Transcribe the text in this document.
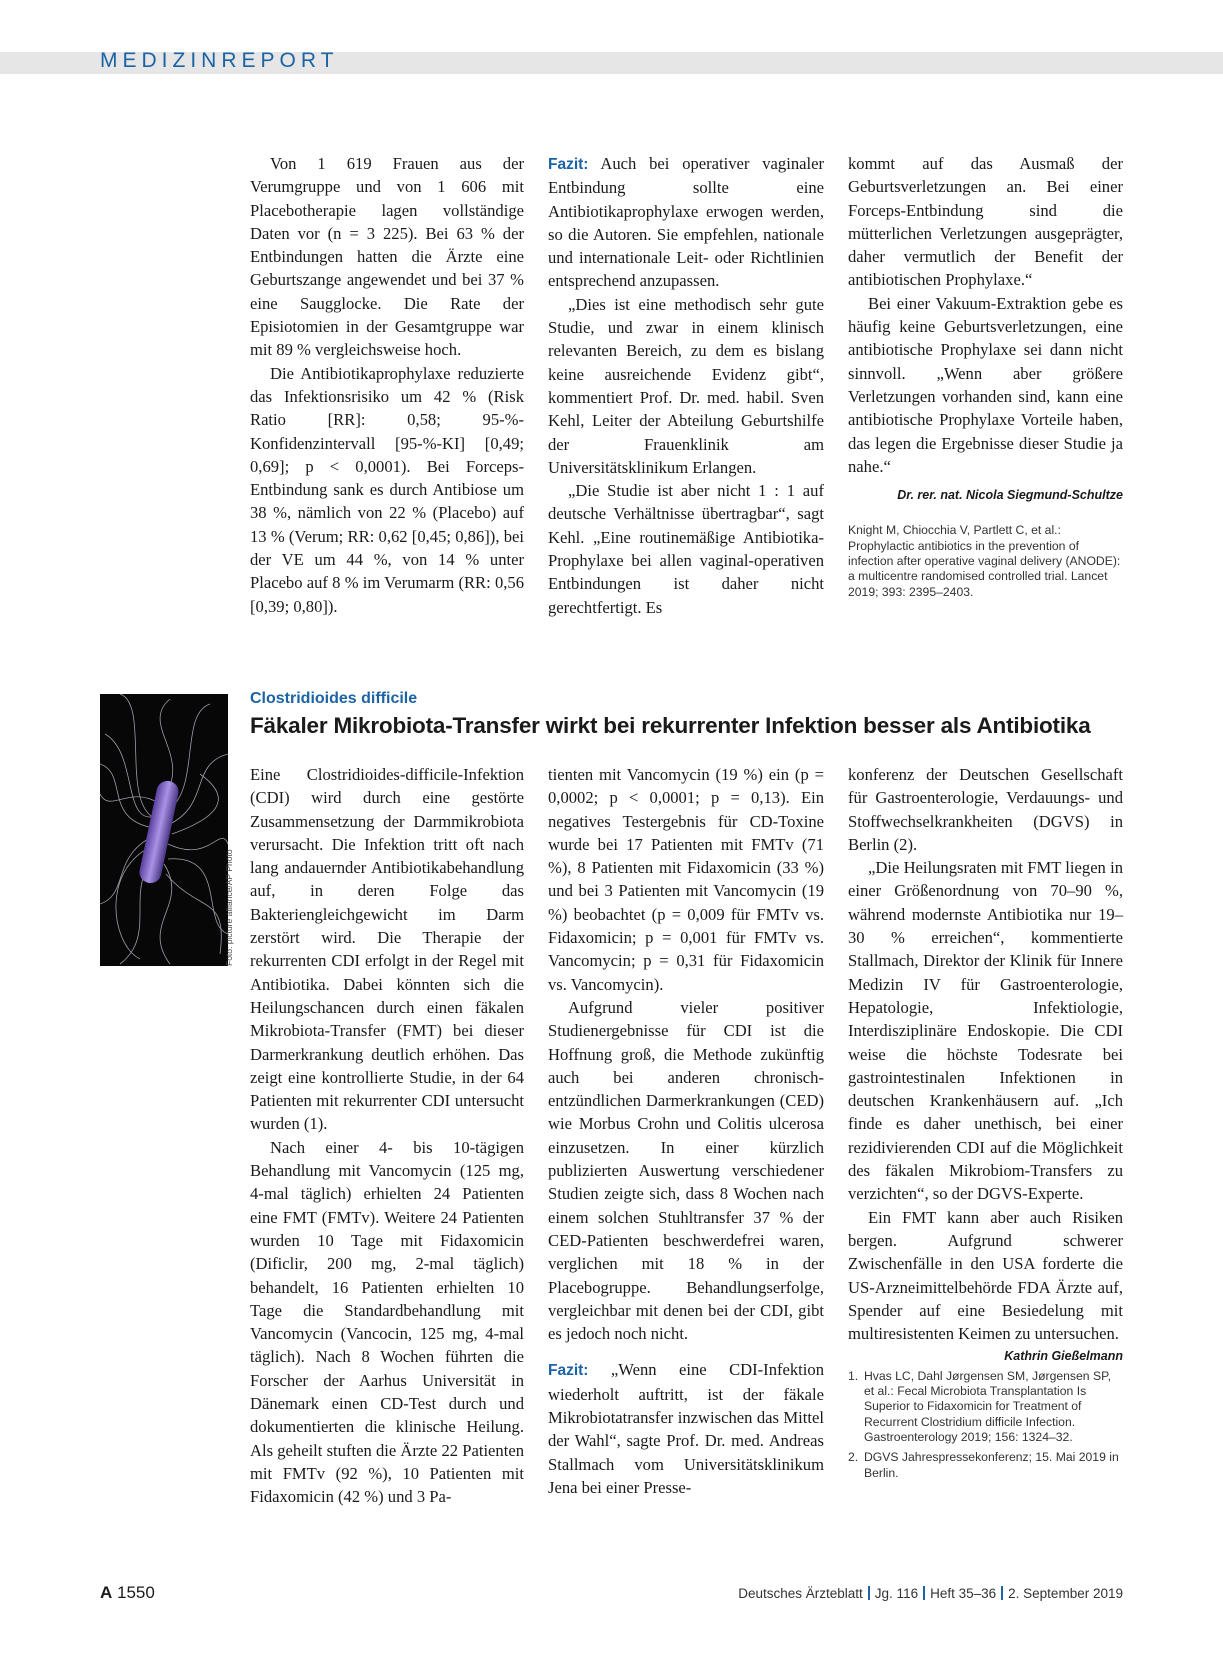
MEDIZINREPORT

Von 1 619 Frauen aus der Verumgruppe und von 1 606 mit Placebotherapie lagen vollständige Daten vor (n = 3 225). Bei 63 % der Entbindungen hatten die Ärzte eine Geburtszange angewendet und bei 37 % eine Saugglocke. Die Rate der Episiotomien in der Gesamtgruppe war mit 89 % vergleichsweise hoch.

Die Antibiotikaprophylaxe reduzierte das Infektionsrisiko um 42 % (Risk Ratio [RR]: 0,58; 95-%-Konfidenzintervall [95-%-KI] [0,49; 0,69]; p < 0,0001). Bei Forceps-Entbindung sank es durch Antibiose um 38 %, nämlich von 22 % (Placebo) auf 13 % (Verum; RR: 0,62 [0,45; 0,86]), bei der VE um 44 %, von 14 % unter Placebo auf 8 % im Verumarm (RR: 0,56 [0,39; 0,80]).

Fazit: Auch bei operativer vaginaler Entbindung sollte eine Antibiotikaprophylaxe erwogen werden, so die Autoren. Sie empfehlen, nationale und internationale Leit- oder Richtlinien entsprechend anzupassen.

„Dies ist eine methodisch sehr gute Studie, und zwar in einem klinisch relevanten Bereich, zu dem es bislang keine ausreichende Evidenz gibt“, kommentiert Prof. Dr. med. habil. Sven Kehl, Leiter der Abteilung Geburtshilfe der Frauenklinik am Universitätsklinikum Erlangen.

„Die Studie ist aber nicht 1 : 1 auf deutsche Verhältnisse übertragbar“, sagt Kehl. „Eine routinemäßige Antibiotika-Prophylaxe bei allen vaginal-operativen Entbindungen ist daher nicht gerechtfertigt. Es

kommt auf das Ausmaß der Geburtsverletzungen an. Bei einer Forceps-Entbindung sind die mütterlichen Verletzungen ausgeprägter, daher vermutlich der Benefit der antibiotischen Prophylaxe.“

Bei einer Vakuum-Extraktion gebe es häufig keine Geburtsverletzungen, eine antibiotische Prophylaxe sei dann nicht sinnvoll. „Wenn aber größere Verletzungen vorhanden sind, kann eine antibiotische Prophylaxe Vorteile haben, das legen die Ergebnisse dieser Studie ja nahe.“

Dr. rer. nat. Nicola Siegmund-Schultze

Knight M, Chiocchia V, Partlett C, et al.: Prophylactic antibiotics in the prevention of infection after operative vaginal delivery (ANODE): a multicentre randomised controlled trial. Lancet 2019; 393: 2395–2403.

Foto: picture alliance/AP Photo
Clostridioides difficile
Fäkaler Mikrobiota-Transfer wirkt bei rekurrenter Infektion besser als Antibiotika

Eine Clostridioides-difficile-Infektion (CDI) wird durch eine gestörte Zusammensetzung der Darmmikrobiota verursacht. Die Infektion tritt oft nach lang andauernder Antibiotikabehandlung auf, in deren Folge das Bakteriengleichgewicht im Darm zerstört wird. Die Therapie der rekurrenten CDI erfolgt in der Regel mit Antibiotika. Dabei könnten sich die Heilungschancen durch einen fäkalen Mikrobiota-Transfer (FMT) bei dieser Darmerkrankung deutlich erhöhen. Das zeigt eine kontrollierte Studie, in der 64 Patienten mit rekurrenter CDI untersucht wurden (1).

Nach einer 4- bis 10-tägigen Behandlung mit Vancomycin (125 mg, 4-mal täglich) erhielten 24 Patienten eine FMT (FMTv). Weitere 24 Patienten wurden 10 Tage mit Fidaxomicin (Dificlir, 200 mg, 2-mal täglich) behandelt, 16 Patienten erhielten 10 Tage die Standardbehandlung mit Vancomycin (Vancocin, 125 mg, 4-mal täglich). Nach 8 Wochen führten die Forscher der Aarhus Universität in Dänemark einen CD-Test durch und dokumentierten die klinische Heilung. Als geheilt stuften die Ärzte 22 Patienten mit FMTv (92 %), 10 Patienten mit Fidaxomicin (42 %) und 3 Pa-

tienten mit Vancomycin (19 %) ein (p = 0,0002; p < 0,0001; p = 0,13). Ein negatives Testergebnis für CD-Toxine wurde bei 17 Patienten mit FMTv (71 %), 8 Patienten mit Fidaxomicin (33 %) und bei 3 Patienten mit Vancomycin (19 %) beobachtet (p = 0,009 für FMTv vs. Fidaxomicin; p = 0,001 für FMTv vs. Vancomycin; p = 0,31 für Fidaxomicin vs. Vancomycin).

Aufgrund vieler positiver Studienergebnisse für CDI ist die Hoffnung groß, die Methode zukünftig auch bei anderen chronisch-entzündlichen Darmerkrankungen (CED) wie Morbus Crohn und Colitis ulcerosa einzusetzen. In einer kürzlich publizierten Auswertung verschiedener Studien zeigte sich, dass 8 Wochen nach einem solchen Stuhltransfer 37 % der CED-Patienten beschwerdefrei waren, verglichen mit 18 % in der Placebogruppe. Behandlungserfolge, vergleichbar mit denen bei der CDI, gibt es jedoch noch nicht.

Fazit: „Wenn eine CDI-Infektion wiederholt auftritt, ist der fäkale Mikrobiotatransfer inzwischen das Mittel der Wahl“, sagte Prof. Dr. med. Andreas Stallmach vom Universitätsklinikum Jena bei einer Presse-

konferenz der Deutschen Gesellschaft für Gastroenterologie, Verdauungs- und Stoffwechselkrankheiten (DGVS) in Berlin (2).

„Die Heilungsraten mit FMT liegen in einer Größenordnung von 70–90 %, während modernste Antibiotika nur 19–30 % erreichen“, kommentierte Stallmach, Direktor der Klinik für Innere Medizin IV für Gastroenterologie, Hepatologie, Infektiologie, Interdisziplinäre Endoskopie. Die CDI weise die höchste Todesrate bei gastrointestinalen Infektionen in deutschen Krankenhäusern auf. „Ich finde es daher unethisch, bei einer rezidivierenden CDI auf die Möglichkeit des fäkalen Mikrobiom-Transfers zu verzichten“, so der DGVS-Experte.

Ein FMT kann aber auch Risiken bergen. Aufgrund schwerer Zwischenfälle in den USA forderte die US-Arzneimittelbehörde FDA Ärzte auf, Spender auf eine Besiedelung mit multiresistenten Keimen zu untersuchen.
Kathrin Gießelmann

1. Hvas LC, Dahl Jørgensen SM, Jørgensen SP, et al.: Fecal Microbiota Transplantation Is Superior to Fidaxomicin for Treatment of Recurrent Clostridium difficile Infection. Gastroenterology 2019; 156: 1324–32.
2. DGVS Jahrespressekonferenz; 15. Mai 2019 in Berlin.
A 1550	Deutsches Ärzteblatt Jg. 116 Heft 35–36 2. September 2019
